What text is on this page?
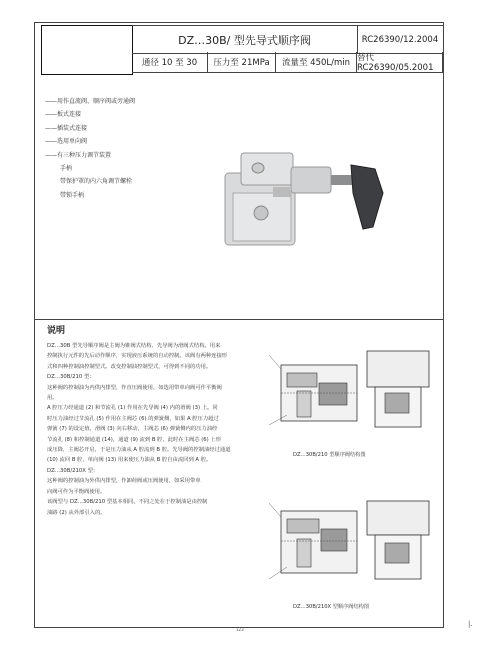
DZ…30B/ 型先导式顺序阀	RC26390/12.2004
通径 10 至 30	压力至 21MPa	流量至 450L/min 替代 RC26390/05.2001
——用作直流阀、顺序阀或旁通阀
——板式连接
——插装式连接
——选用单向阀
——有三种压力调节装置
手柄
带保护罩的内六角调节螺栓
带锁手柄
说明
DZ…30B 型先导顺序阀是主阀为锥阀式结构、先导阀为滑阀式结构。用来
控制执行元件的先后动作顺序，实现液压系统的自动控制。该阀有两种连接形
式和四种控制油控制型式。改变控制油控制型式，可得到不同的功用。
DZ…30B/210 型：
这种阀的控制油为内供内排型，作直压阀使用，如选用带单向阀可作平衡阀
用。
A 腔压力经通道 (2) 和节流孔 (1) 作用在先导阀 (4) 内的滑阀 (3) 上。同
时压力油经过节流孔 (5) 作用在主阀芯 (6) 的弹簧侧，如果 A 腔压力超过
弹簧 (7) 的设定值，滑阀 (3) 向右移动，主阀芯 (6) 弹簧侧内的压力油经
节流孔 (8) 和控制通道 (14)，通道 (9) 流到 B 腔，此时在主阀芯 (6) 上形
成压降，主阀芯开启，于是压力油从 A 腔流到 B 腔。先导阀的控制油经过通道
(10) 流回 B 腔，单向阀 (13) 用来使压力油从 B 腔自由流回到 A 腔。
DZ…30B/210X 型：
这种阀的控制油为外供内排型，作卸荷阀或压阀使用，如采用带单
向阀可作为平衡阀使用。
该阀型与 DZ…30B/210 型基本相同，不同之处在于控制油是由控制
油路 (2) 从外部引入的。
DZ…30B/210 型顺序阀结构图
DZ…30B/210X 型顺序阀结构图
123
|.
